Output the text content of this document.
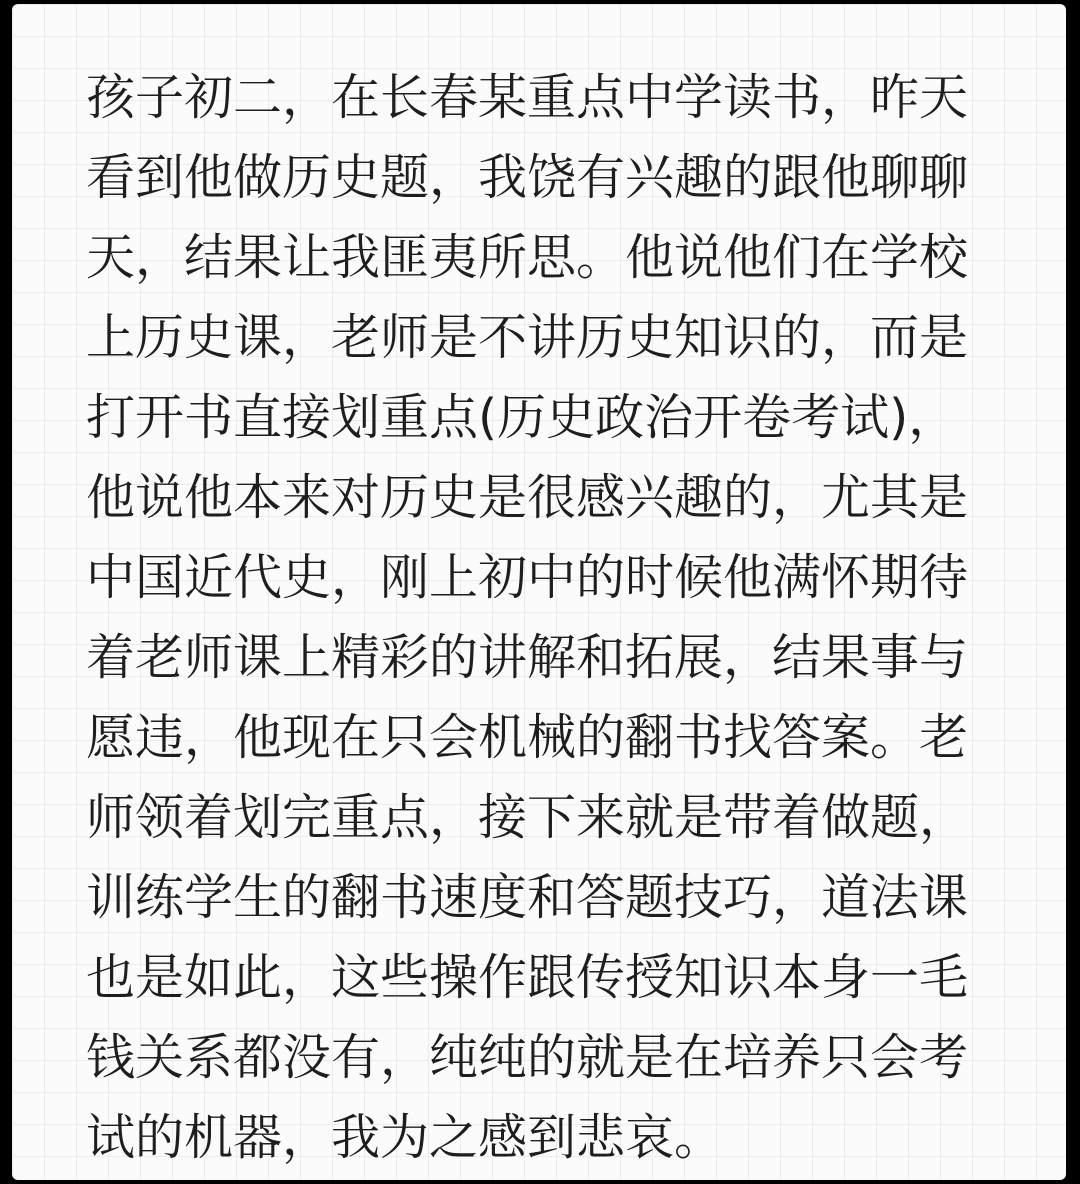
孩子初二，在长春某重点中学读书，昨天
看到他做历史题，我饶有兴趣的跟他聊聊
天，结果让我匪夷所思。他说他们在学校
上历史课，老师是不讲历史知识的，而是
打开书直接划重点(历史政治开卷考试)，
他说他本来对历史是很感兴趣的，尤其是
中国近代史，刚上初中的时候他满怀期待
着老师课上精彩的讲解和拓展，结果事与
愿违，他现在只会机械的翻书找答案。老
师领着划完重点，接下来就是带着做题，
训练学生的翻书速度和答题技巧，道法课
也是如此，这些操作跟传授知识本身一毛
钱关系都没有，纯纯的就是在培养只会考
试的机器，我为之感到悲哀。
